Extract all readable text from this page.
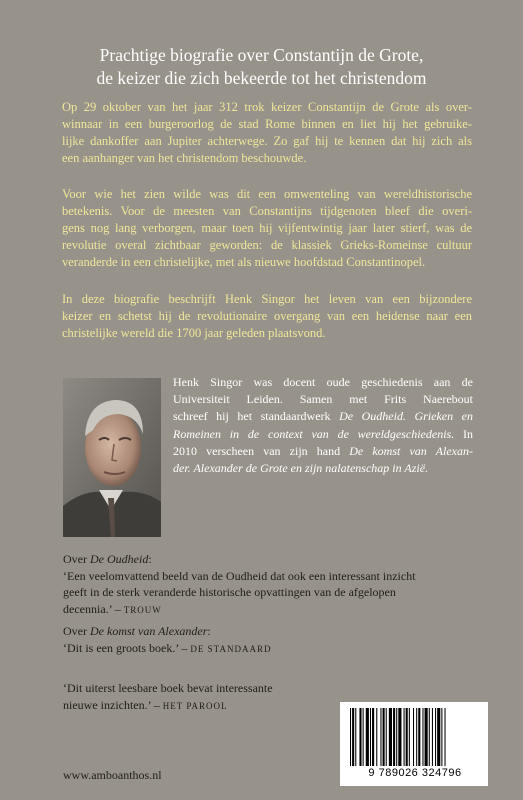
Prachtige biografie over Constantijn de Grote,
de keizer die zich bekeerde tot het christendom
Op 29 oktober van het jaar 312 trok keizer Constantijn de Grote als over-
winnaar in een burgeroorlog de stad Rome binnen en liet hij het gebruike-
lijke dankoffer aan Jupiter achterwege. Zo gaf hij te kennen dat hij zich als
een aanhanger van het christendom beschouwde.
Voor wie het zien wilde was dit een omwenteling van wereldhistorische
betekenis. Voor de meesten van Constantijns tijdgenoten bleef die overi-
gens nog lang verborgen, maar toen hij vijfentwintig jaar later stierf, was de
revolutie overal zichtbaar geworden: de klassiek Grieks-Romeinse cultuur
veranderde in een christelijke, met als nieuwe hoofdstad Constantinopel.
In deze biografie beschrijft Henk Singor het leven van een bijzondere
keizer en schetst hij de revolutionaire overgang van een heidense naar een
christelijke wereld die 1700 jaar geleden plaatsvond.
Henk Singor was docent oude geschiedenis aan de
Universiteit Leiden. Samen met Frits Naerebout
schreef hij het standaardwerk De Oudheid. Grieken en
Romeinen in de context van de wereldgeschiedenis. In
2010 verscheen van zijn hand De komst van Alexan-
der. Alexander de Grote en zijn nalatenschap in Azië.
Over De Oudheid:
‘Een veelomvattend beeld van de Oudheid dat ook een interessant inzicht
geeft in de sterk veranderde historische opvattingen van de afgelopen
decennia.’ – TROUW
Over De komst van Alexander:
‘Dit is een groots boek.’ – DE STANDAARD
‘Dit uiterst leesbare boek bevat interessante
nieuwe inzichten.’ – HET PAROOL
www.amboanthos.nl	9 789026 324796
